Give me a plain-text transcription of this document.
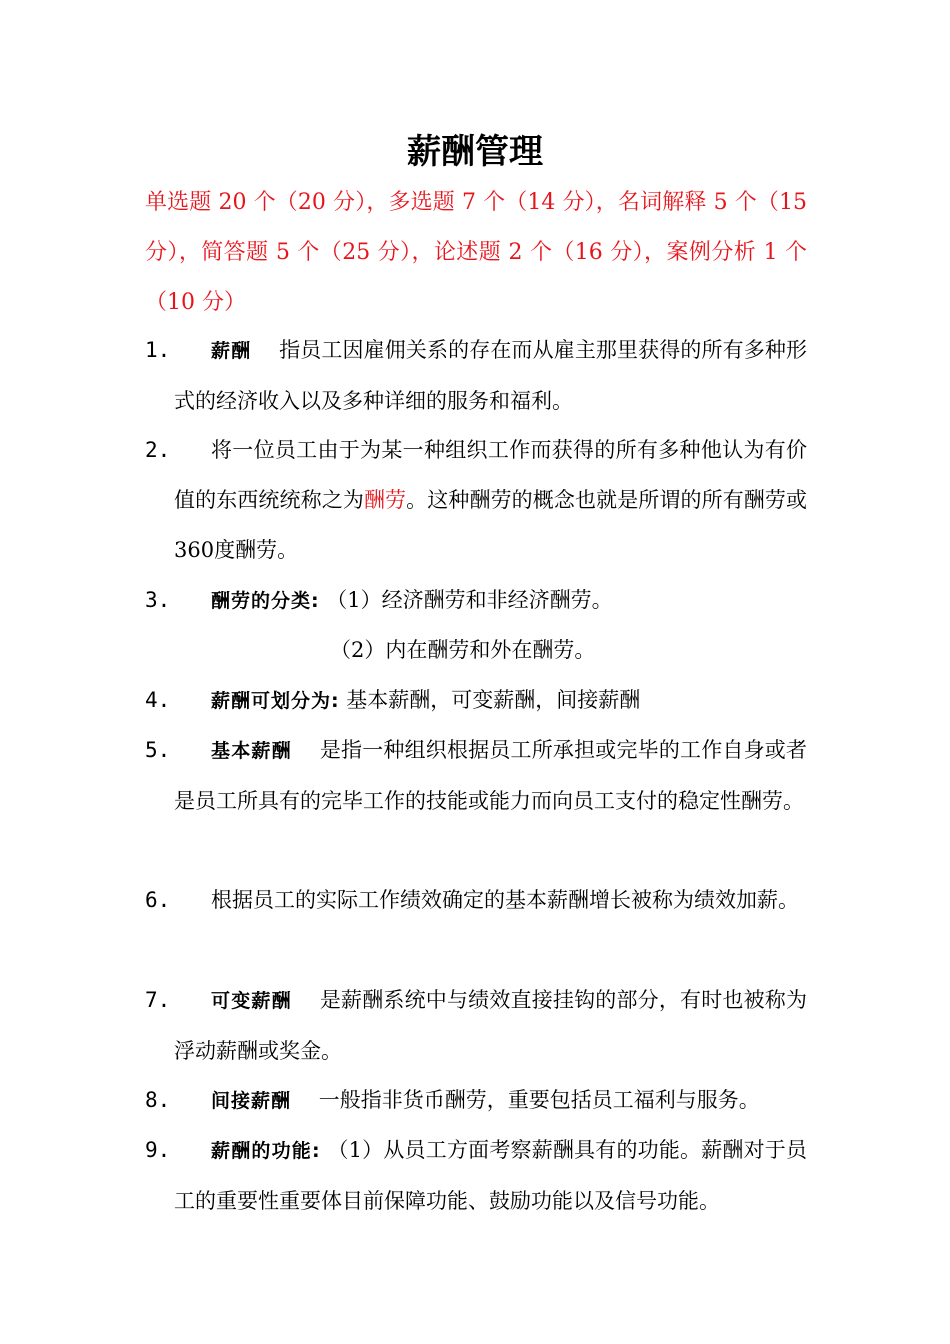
薪酬管理
单选题 20 个（20 分），多选题 7 个（14 分），名词解释 5 个（15 分），简答题 5 个（25 分），论述题 2 个（16 分），案例分析 1 个（10 分）
1.	薪酬　 指员工因雇佣关系的存在而从雇主那里获得的所有多种形式的经济收入以及多种详细的服务和福利。
2.	将一位员工由于为某一种组织工作而获得的所有多种他认为有价值的东西统统称之为酬劳。这种酬劳的概念也就是所谓的所有酬劳或360度酬劳。
3.	酬劳的分类: （1）经济酬劳和非经济酬劳。
（2）内在酬劳和外在酬劳。
4.	薪酬可划分为: 基本薪酬，可变薪酬，间接薪酬
5.	基本薪酬　 是指一种组织根据员工所承担或完毕的工作自身或者是员工所具有的完毕工作的技能或能力而向员工支付的稳定性酬劳。
6.	根据员工的实际工作绩效确定的基本薪酬增长被称为绩效加薪。
7.	可变薪酬　 是薪酬系统中与绩效直接挂钩的部分，有时也被称为浮动薪酬或奖金。
8.	间接薪酬　 一般指非货币酬劳，重要包括员工福利与服务。
9.	薪酬的功能: （1）从员工方面考察薪酬具有的功能。薪酬对于员工的重要性重要体目前保障功能、鼓励功能以及信号功能。
